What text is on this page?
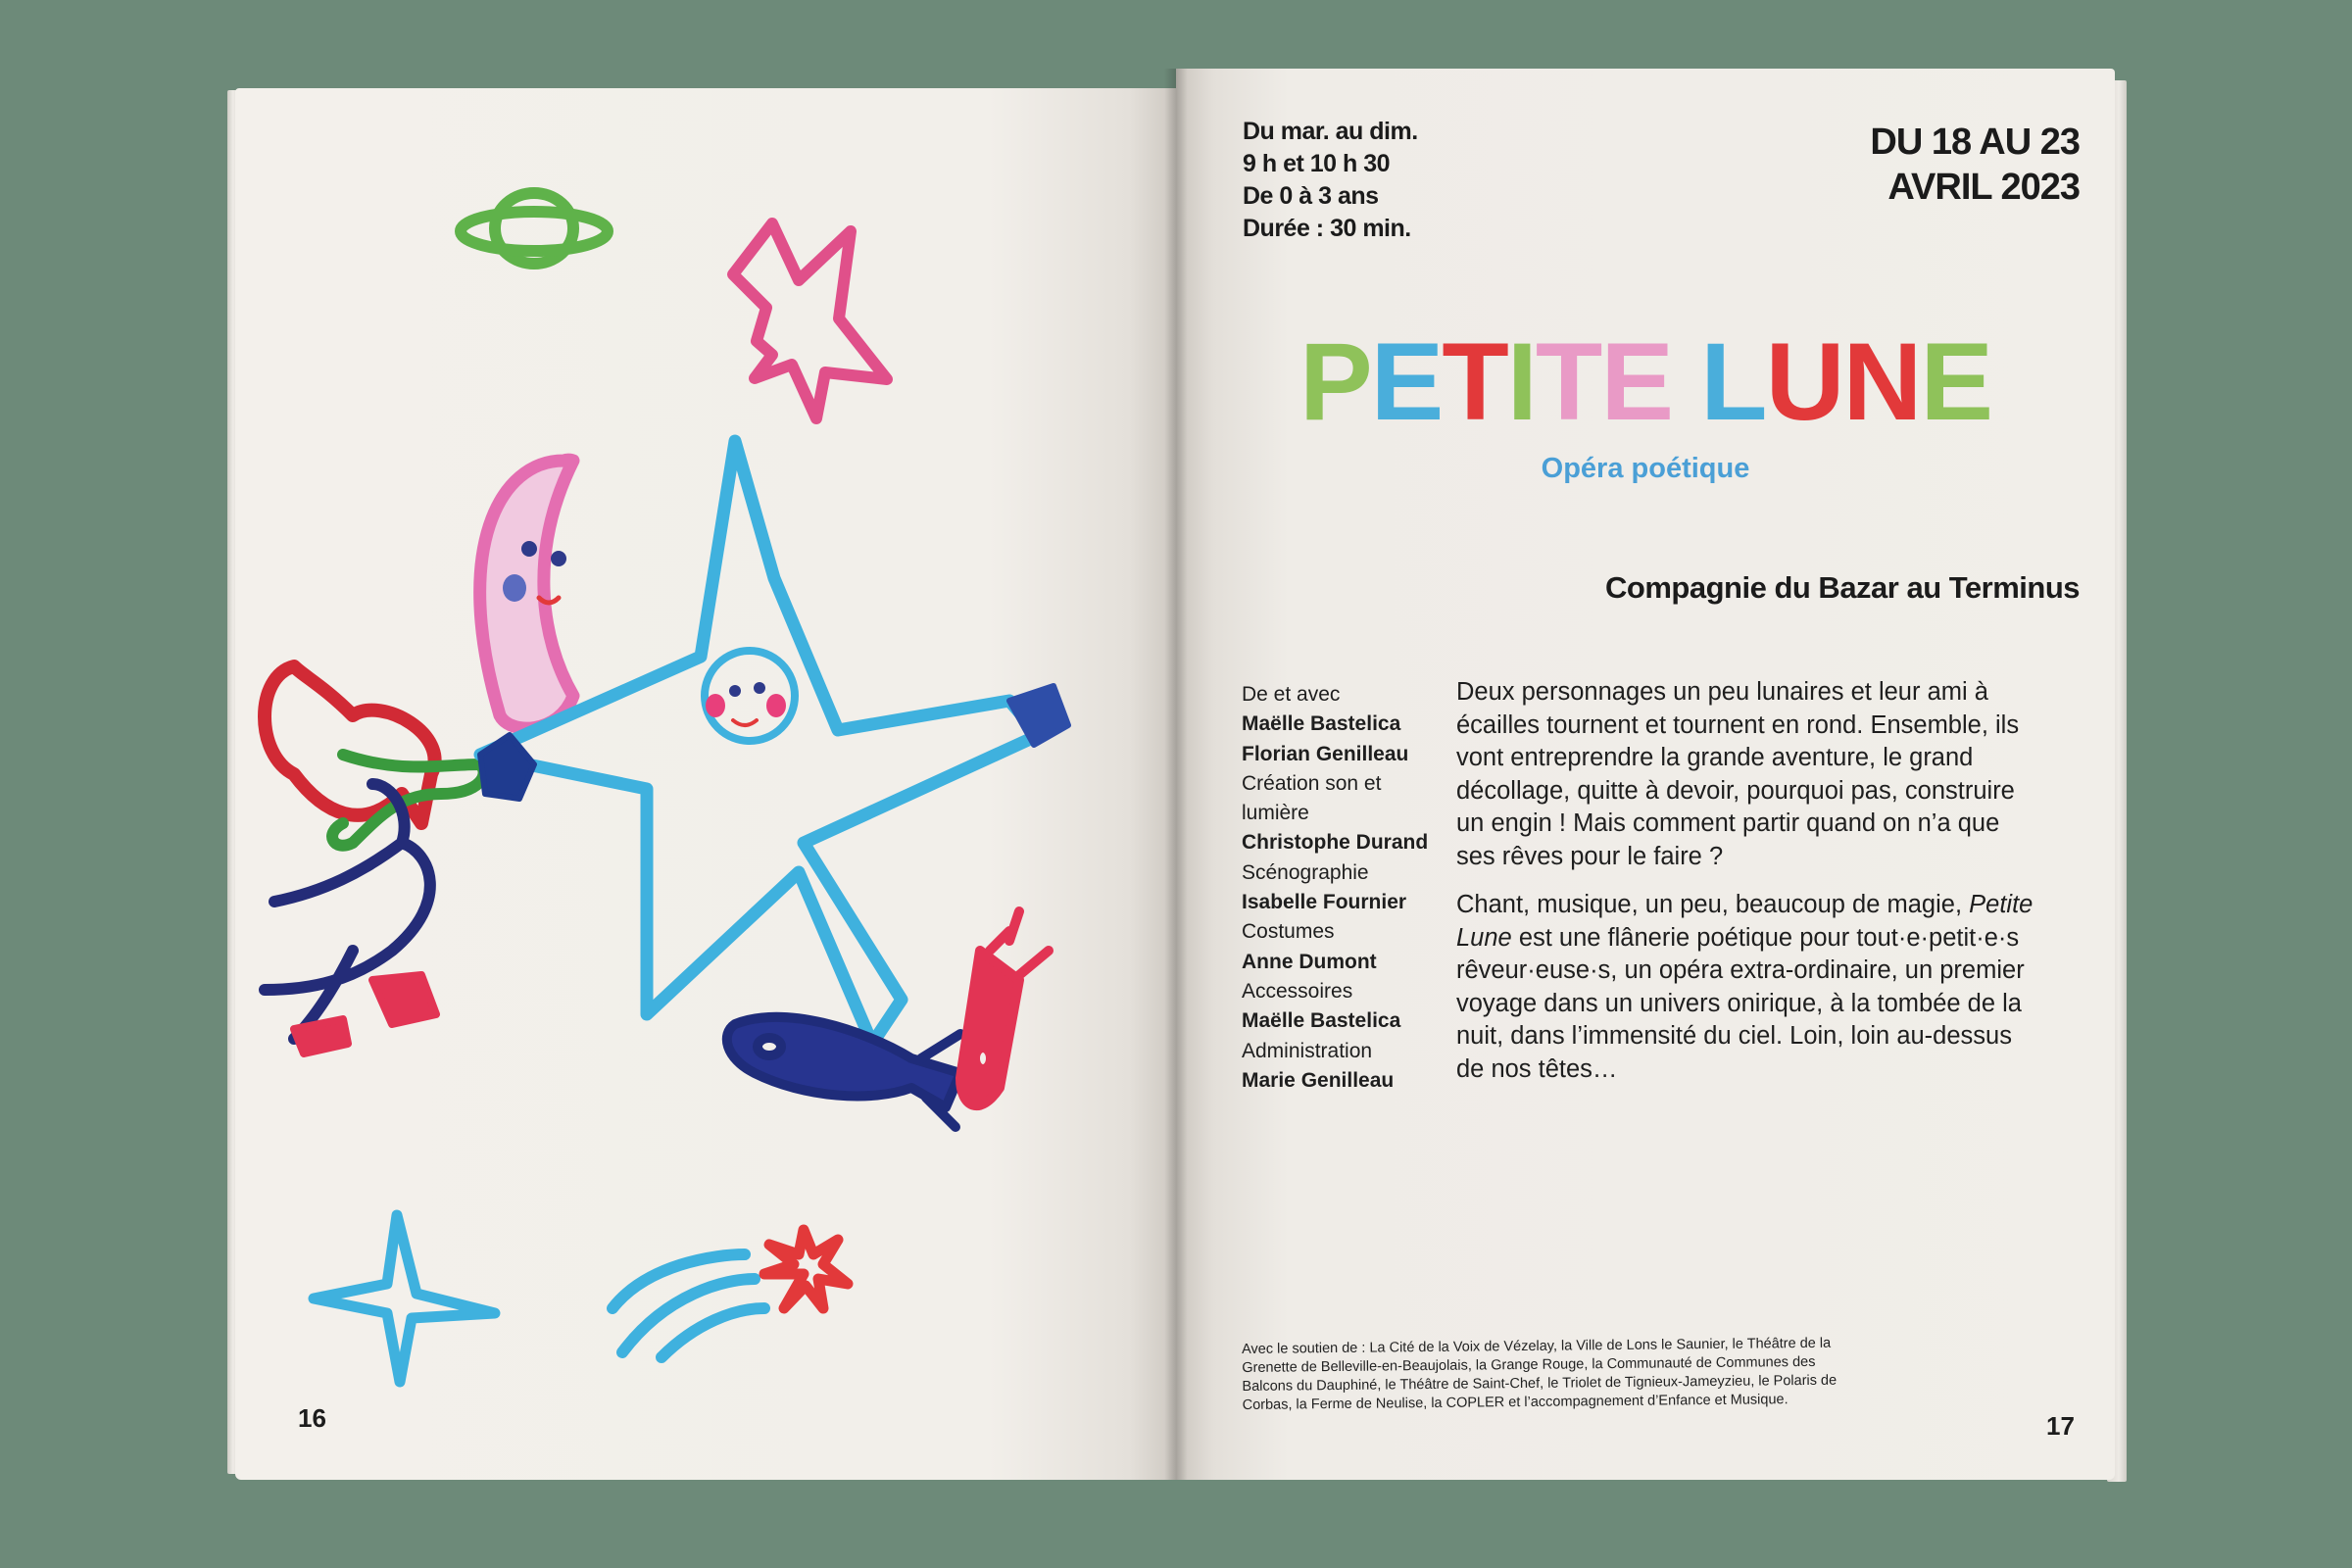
16
Du mar. au dim.
9 h et 10 h 30
De 0 à 3 ans
Durée : 30 min.
DU 18 AU 23
AVRIL 2023
PETITE LUNE
Opéra poétique
Compagnie du Bazar au Terminus
De et avec
Maëlle Bastelica
Florian Genilleau
Création son et lumière
Christophe Durand
Scénographie
Isabelle Fournier
Costumes
Anne Dumont
Accessoires
Maëlle Bastelica
Administration
Marie Genilleau

Deux personnages un peu lunaires et leur ami à écailles tournent et tournent en rond. Ensemble, ils vont entreprendre la grande aventure, le grand décollage, quitte à devoir, pourquoi pas, construire un engin ! Mais comment partir quand on n’a que ses rêves pour le faire ?

Chant, musique, un peu, beaucoup de magie, Petite Lune est une flânerie poétique pour tout·e·petit·e·s rêveur·euse·s, un opéra extra-ordinaire, un premier voyage dans un univers onirique, à la tombée de la nuit, dans l’immensité du ciel. Loin, loin au-dessus de nos têtes…

Avec le soutien de : La Cité de la Voix de Vézelay, la Ville de Lons le Saunier, le Théâtre de la Grenette de Belleville-en-Beaujolais, la Grange Rouge, la Communauté de Communes des Balcons du Dauphiné, le Théâtre de Saint-Chef, le Triolet de Tignieux-Jameyzieu, le Polaris de Corbas, la Ferme de Neulise, la COPLER et l’accompagnement d’Enfance et Musique.
17
